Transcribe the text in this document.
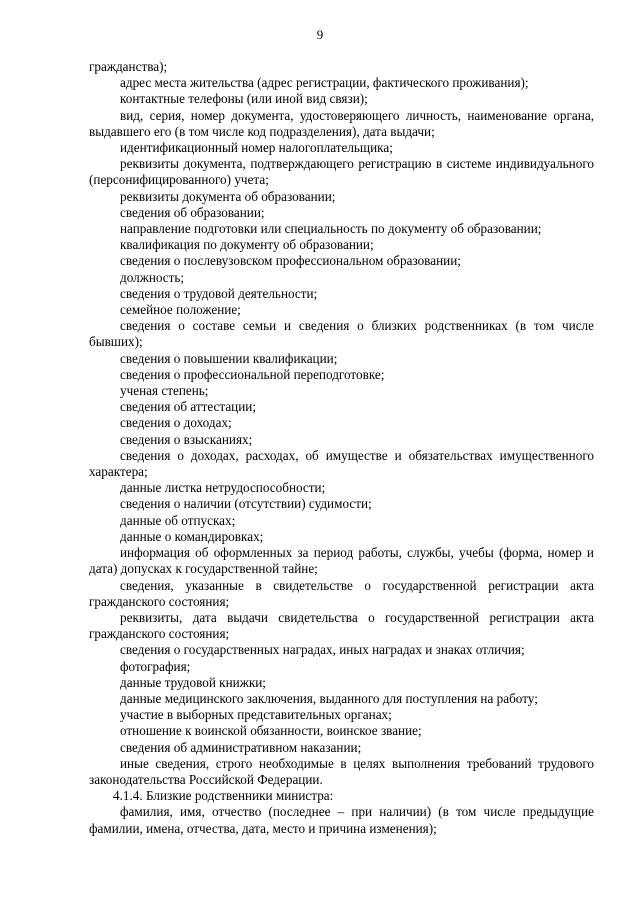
9

гражданства);

адрес места жительства (адрес регистрации, фактического проживания);

контактные телефоны (или иной вид связи);

вид, серия, номер документа, удостоверяющего личность, наименование органа, выдавшего его (в том числе код подразделения), дата выдачи;

идентификационный номер налогоплательщика;

реквизиты документа, подтверждающего регистрацию в системе индивидуального (персонифицированного) учета;

реквизиты документа об образовании;

сведения об образовании;

направление подготовки или специальность по документу об образовании;

квалификация по документу об образовании;

сведения о послевузовском профессиональном образовании;

должность;

сведения о трудовой деятельности;

семейное положение;

сведения о составе семьи и сведения о близких родственниках (в том числе бывших);

сведения о повышении квалификации;

сведения о профессиональной переподготовке;

ученая степень;

сведения об аттестации;

сведения о доходах;

сведения о взысканиях;

сведения о доходах, расходах, об имуществе и обязательствах имущественного характера;

данные листка нетрудоспособности;

сведения о наличии (отсутствии) судимости;

данные об отпусках;

данные о командировках;

информация об оформленных за период работы, службы, учебы (форма, номер и дата) допусках к государственной тайне;

сведения, указанные в свидетельстве о государственной регистрации акта гражданского состояния;

реквизиты, дата выдачи свидетельства о государственной регистрации акта гражданского состояния;

сведения о государственных наградах, иных наградах и знаках отличия;

фотография;

данные трудовой книжки;

данные медицинского заключения, выданного для поступления на работу;

участие в выборных представительных органах;

отношение к воинской обязанности, воинское звание;

сведения об административном наказании;

иные сведения, строго необходимые в целях выполнения требований трудового законодательства Российской Федерации.

4.1.4. Близкие родственники министра:

фамилия, имя, отчество (последнее – при наличии) (в том числе предыдущие фамилии, имена, отчества, дата, место и причина изменения);
